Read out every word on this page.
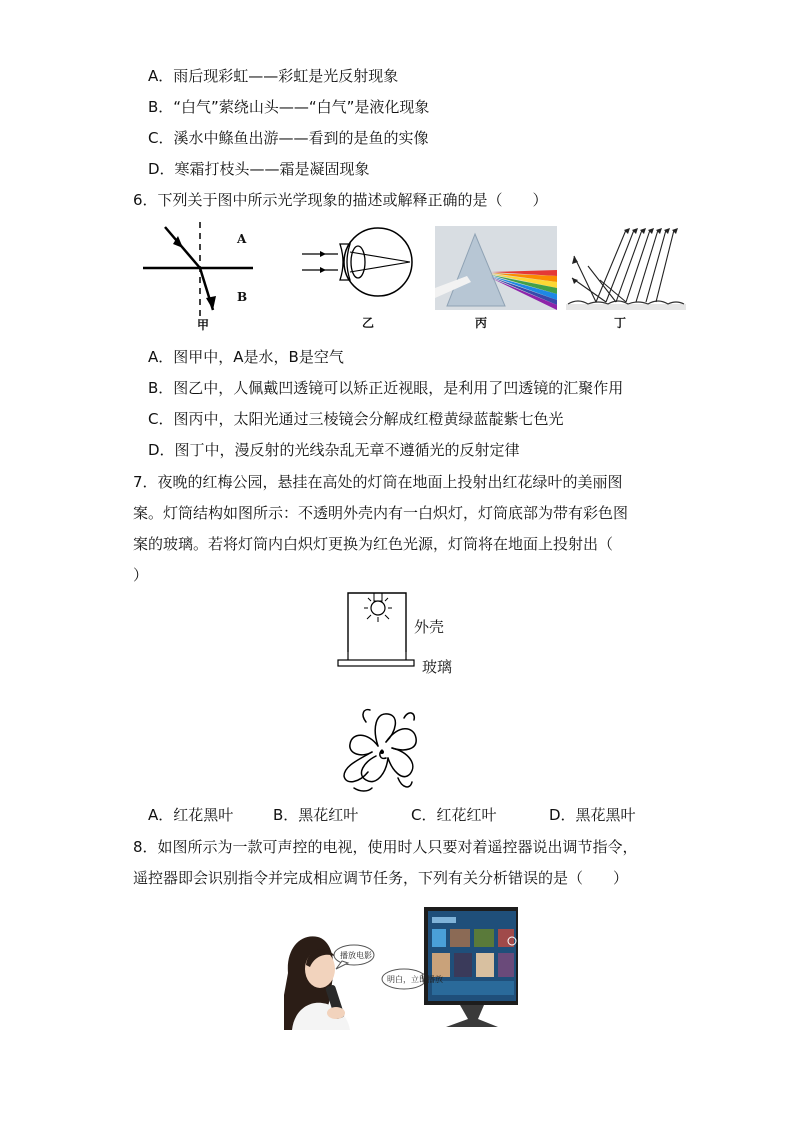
A．雨后现彩虹——彩虹是光反射现象
B．“白气”萦绕山头——“白气”是液化现象
C．溪水中鲦鱼出游——看到的是鱼的实像
D．寒霜打枝头——霜是凝固现象
6．下列关于图中所示光学现象的描述或解释正确的是（　　）
A
B
甲	乙	丙	丁
A．图甲中，A是水，B是空气
B．图乙中，人佩戴凹透镜可以矫正近视眼，是利用了凹透镜的汇聚作用
C．图丙中，太阳光通过三棱镜会分解成红橙黄绿蓝靛紫七色光
D．图丁中，漫反射的光线杂乱无章不遵循光的反射定律
7．夜晚的红梅公园，悬挂在高处的灯筒在地面上投射出红花绿叶的美丽图
案。灯筒结构如图所示：不透明外壳内有一白炽灯，灯筒底部为带有彩色图
案的玻璃。若将灯筒内白炽灯更换为红色光源，灯筒将在地面上投射出（
）
外壳
玻璃
A．红花黑叶	B．黑花红叶	C．红花红叶	D．黑花黑叶
8．如图所示为一款可声控的电视，使用时人只要对着遥控器说出调节指令，
遥控器即会识别指令并完成相应调节任务，下列有关分析错误的是（　　）
播放电影
明白，立即播放
